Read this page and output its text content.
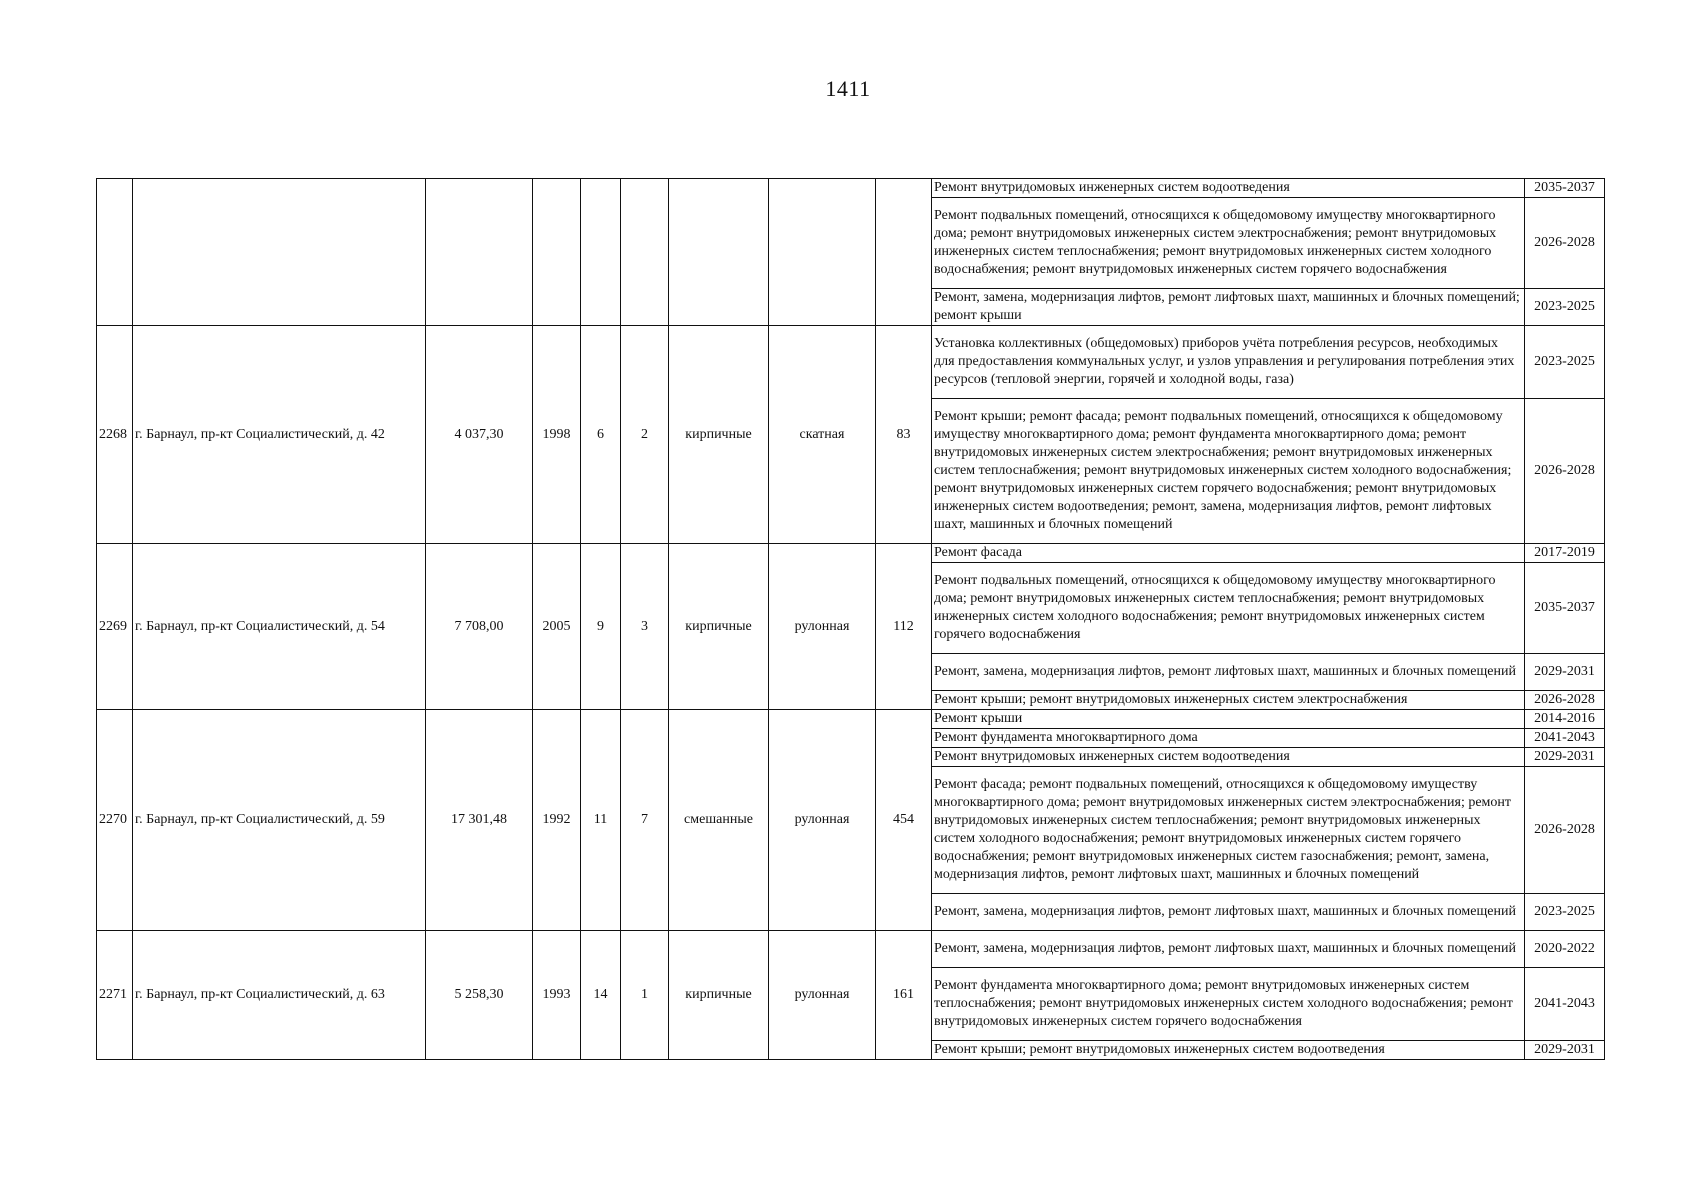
1411
									Ремонт внутридомовых инженерных систем водоотведения	2035-2037
									Ремонт подвальных помещений, относящихся к общедомовому имуществу многоквартирного дома; ремонт внутридомовых инженерных систем электроснабжения; ремонт внутридомовых инженерных систем теплоснабжения; ремонт внутридомовых инженерных систем холодного водоснабжения; ремонт внутридомовых инженерных систем горячего водоснабжения	2026-2028
									Ремонт, замена, модернизация лифтов, ремонт лифтовых шахт, машинных и блочных помещений; ремонт крыши	2023-2025
2268	г. Барнаул, пр-кт Социалистический, д. 42	4 037,30	1998	6	2	кирпичные	скатная	83	Установка коллективных (общедомовых) приборов учёта потребления ресурсов, необходимых для предоставления коммунальных услуг, и узлов управления и регулирования потребления этих ресурсов (тепловой энергии, горячей и холодной воды, газа)	2023-2025
									Ремонт крыши; ремонт фасада; ремонт подвальных помещений, относящихся к общедомовому имуществу многоквартирного дома; ремонт фундамента многоквартирного дома; ремонт внутридомовых инженерных систем электроснабжения; ремонт внутридомовых инженерных систем теплоснабжения; ремонт внутридомовых инженерных систем холодного водоснабжения; ремонт внутридомовых инженерных систем горячего водоснабжения; ремонт внутридомовых инженерных систем водоотведения; ремонт, замена, модернизация лифтов, ремонт лифтовых шахт, машинных и блочных помещений	2026-2028
2269	г. Барнаул, пр-кт Социалистический, д. 54	7 708,00	2005	9	3	кирпичные	рулонная	112	Ремонт фасада	2017-2019
									Ремонт подвальных помещений, относящихся к общедомовому имуществу многоквартирного дома; ремонт внутридомовых инженерных систем теплоснабжения; ремонт внутридомовых инженерных систем холодного водоснабжения; ремонт внутридомовых инженерных систем горячего водоснабжения	2035-2037
									Ремонт, замена, модернизация лифтов, ремонт лифтовых шахт, машинных и блочных помещений	2029-2031
									Ремонт крыши; ремонт внутридомовых инженерных систем электроснабжения	2026-2028
2270	г. Барнаул, пр-кт Социалистический, д. 59	17 301,48	1992	11	7	смешанные	рулонная	454	Ремонт крыши	2014-2016
									Ремонт фундамента многоквартирного дома	2041-2043
									Ремонт внутридомовых инженерных систем водоотведения	2029-2031
									Ремонт фасада; ремонт подвальных помещений, относящихся к общедомовому имуществу многоквартирного дома; ремонт внутридомовых инженерных систем электроснабжения; ремонт внутридомовых инженерных систем теплоснабжения; ремонт внутридомовых инженерных систем холодного водоснабжения; ремонт внутридомовых инженерных систем горячего водоснабжения; ремонт внутридомовых инженерных систем газоснабжения; ремонт, замена, модернизация лифтов, ремонт лифтовых шахт, машинных и блочных помещений	2026-2028
									Ремонт, замена, модернизация лифтов, ремонт лифтовых шахт, машинных и блочных помещений	2023-2025
2271	г. Барнаул, пр-кт Социалистический, д. 63	5 258,30	1993	14	1	кирпичные	рулонная	161	Ремонт, замена, модернизация лифтов, ремонт лифтовых шахт, машинных и блочных помещений	2020-2022
									Ремонт фундамента многоквартирного дома; ремонт внутридомовых инженерных систем теплоснабжения; ремонт внутридомовых инженерных систем холодного водоснабжения; ремонт внутридомовых инженерных систем горячего водоснабжения	2041-2043
									Ремонт крыши; ремонт внутридомовых инженерных систем водоотведения	2029-2031
